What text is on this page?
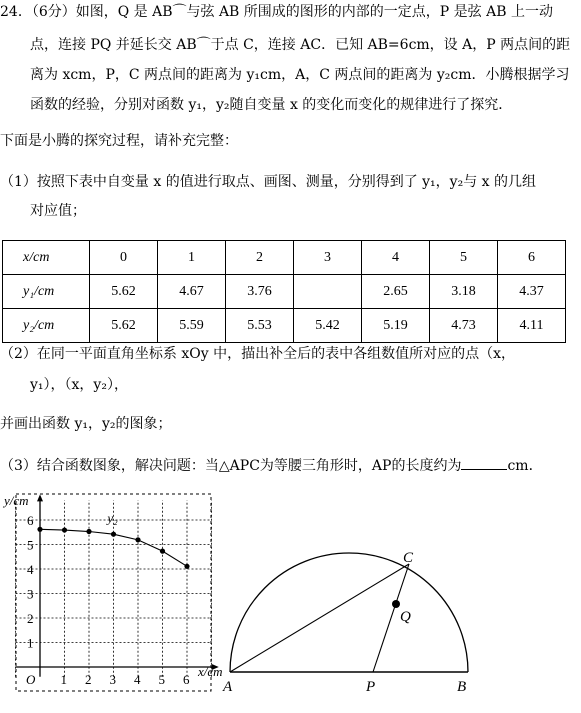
24．（6分）如图，Q 是 AB⌒与弦 AB 所围成的图形的内部的一定点，P 是弦 AB 上一动
点，连接 PQ 并延长交 AB⌒于点 C，连接 AC．已知 AB=6cm，设 A，P 两点间的距
离为 xcm，P，C 两点间的距离为 y₁cm，A，C 两点间的距离为 y₂cm．小腾根据学习
函数的经验，分别对函数 y₁，y₂随自变量 x 的变化而变化的规律进行了探究．
下面是小腾的探究过程，请补充完整：
（1）按照下表中自变量 x 的值进行取点、画图、测量，分别得到了 y₁，y₂与 x 的几组
对应值；
x/cm	0	1	2	3	4	5	6
y₁/cm	5.62	4.67	3.76		2.65	3.18	4.37
y₂/cm	5.62	5.59	5.53	5.42	5.19	4.73	4.11
（2）在同一平面直角坐标系 xOy 中，描出补全后的表中各组数值所对应的点（x，
y₁），（x，y₂），
并画出函数 y₁，y₂的图象；
（3）结合函数图象，解决问题：当△APC为等腰三角形时，AP的长度约为	cm．
1 2 3 4 5 6
1
2
3
4
5
6
O
y/cm
x/cm
y₂
A	P	B
C
Q
